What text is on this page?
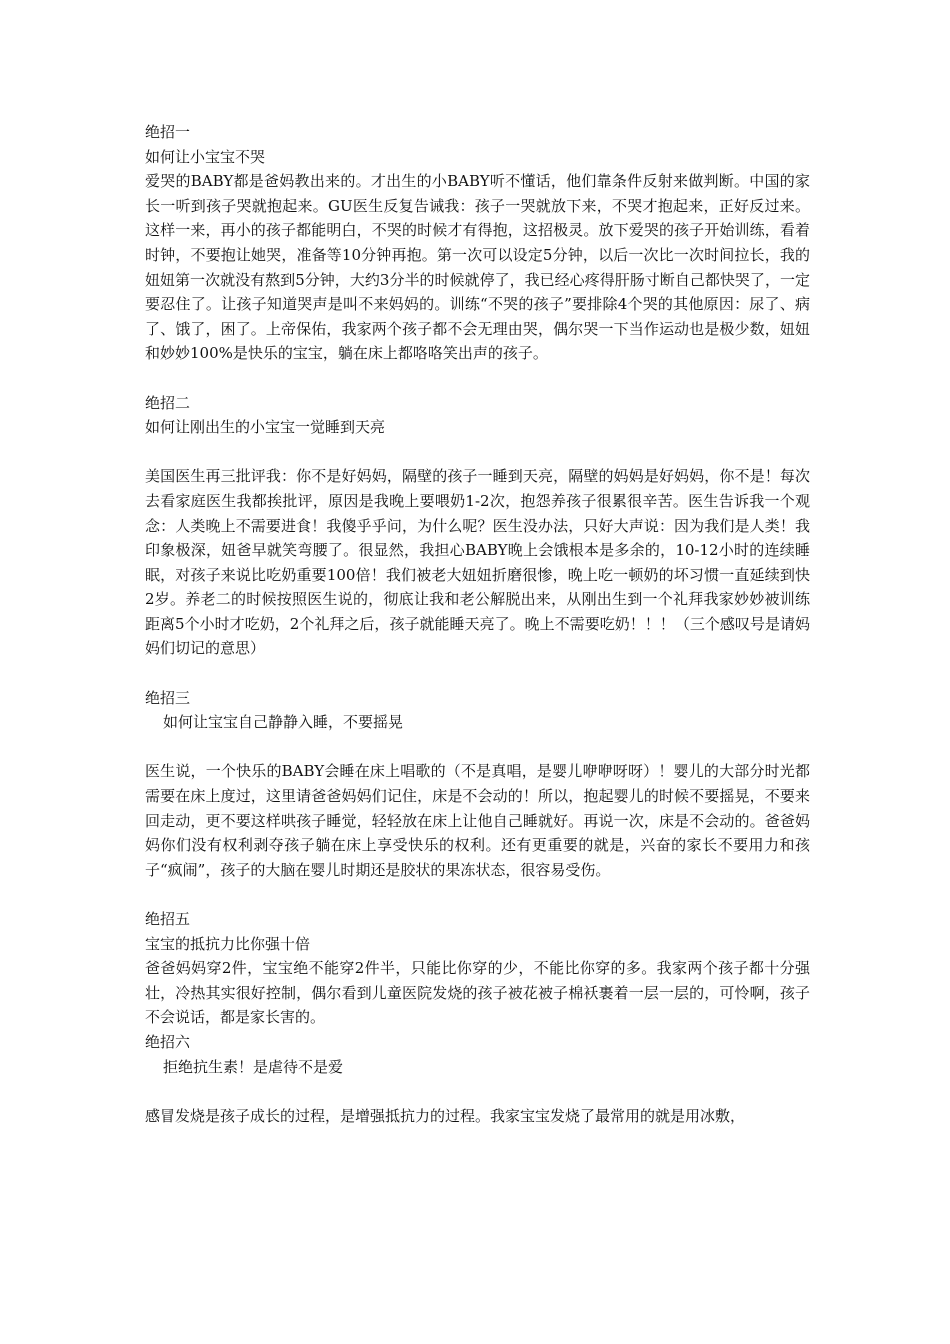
绝招一

如何让小宝宝不哭

爱哭的BABY都是爸妈教出来的。才出生的小BABY听不懂话，他们靠条件反射来做判断。中国的家长一听到孩子哭就抱起来。GU医生反复告诫我：孩子一哭就放下来，不哭才抱起来，正好反过来。这样一来，再小的孩子都能明白，不哭的时候才有得抱，这招极灵。放下爱哭的孩子开始训练，看着时钟，不要抱让她哭，准备等10分钟再抱。第一次可以设定5分钟，以后一次比一次时间拉长，我的妞妞第一次就没有熬到5分钟，大约3分半的时候就停了，我已经心疼得肝肠寸断自己都快哭了，一定要忍住了。让孩子知道哭声是叫不来妈妈的。训练“不哭的孩子”要排除4个哭的其他原因：尿了、病了、饿了，困了。上帝保佑，我家两个孩子都不会无理由哭，偶尔哭一下当作运动也是极少数，妞妞和妙妙100%是快乐的宝宝，躺在床上都咯咯笑出声的孩子。

绝招二

如何让刚出生的小宝宝一觉睡到天亮

美国医生再三批评我：你不是好妈妈，隔壁的孩子一睡到天亮，隔壁的妈妈是好妈妈，你不是！每次去看家庭医生我都挨批评，原因是我晚上要喂奶1-2次，抱怨养孩子很累很辛苦。医生告诉我一个观念：人类晚上不需要进食！我傻乎乎问，为什么呢？医生没办法，只好大声说：因为我们是人类！我印象极深，妞爸早就笑弯腰了。很显然，我担心BABY晚上会饿根本是多余的，10-12小时的连续睡眠，对孩子来说比吃奶重要100倍！我们被老大妞妞折磨很惨，晚上吃一顿奶的坏习惯一直延续到快2岁。养老二的时候按照医生说的，彻底让我和老公解脱出来，从刚出生到一个礼拜我家妙妙被训练距离5个小时才吃奶，2个礼拜之后，孩子就能睡天亮了。晚上不需要吃奶！！！（三个感叹号是请妈妈们切记的意思）

绝招三

如何让宝宝自己静静入睡，不要摇晃

医生说，一个快乐的BABY会睡在床上唱歌的（不是真唱，是婴儿咿咿呀呀）！婴儿的大部分时光都需要在床上度过，这里请爸爸妈妈们记住，床是不会动的！所以，抱起婴儿的时候不要摇晃，不要来回走动，更不要这样哄孩子睡觉，轻轻放在床上让他自己睡就好。再说一次，床是不会动的。爸爸妈妈你们没有权利剥夺孩子躺在床上享受快乐的权利。还有更重要的就是，兴奋的家长不要用力和孩子“疯闹”，孩子的大脑在婴儿时期还是胶状的果冻状态，很容易受伤。

绝招五

宝宝的抵抗力比你强十倍

爸爸妈妈穿2件，宝宝绝不能穿2件半，只能比你穿的少，不能比你穿的多。我家两个孩子都十分强壮，冷热其实很好控制，偶尔看到儿童医院发烧的孩子被花被子棉袄裹着一层一层的，可怜啊，孩子不会说话，都是家长害的。

绝招六

拒绝抗生素！是虐待不是爱

感冒发烧是孩子成长的过程，是增强抵抗力的过程。我家宝宝发烧了最常用的就是用冰敷，
